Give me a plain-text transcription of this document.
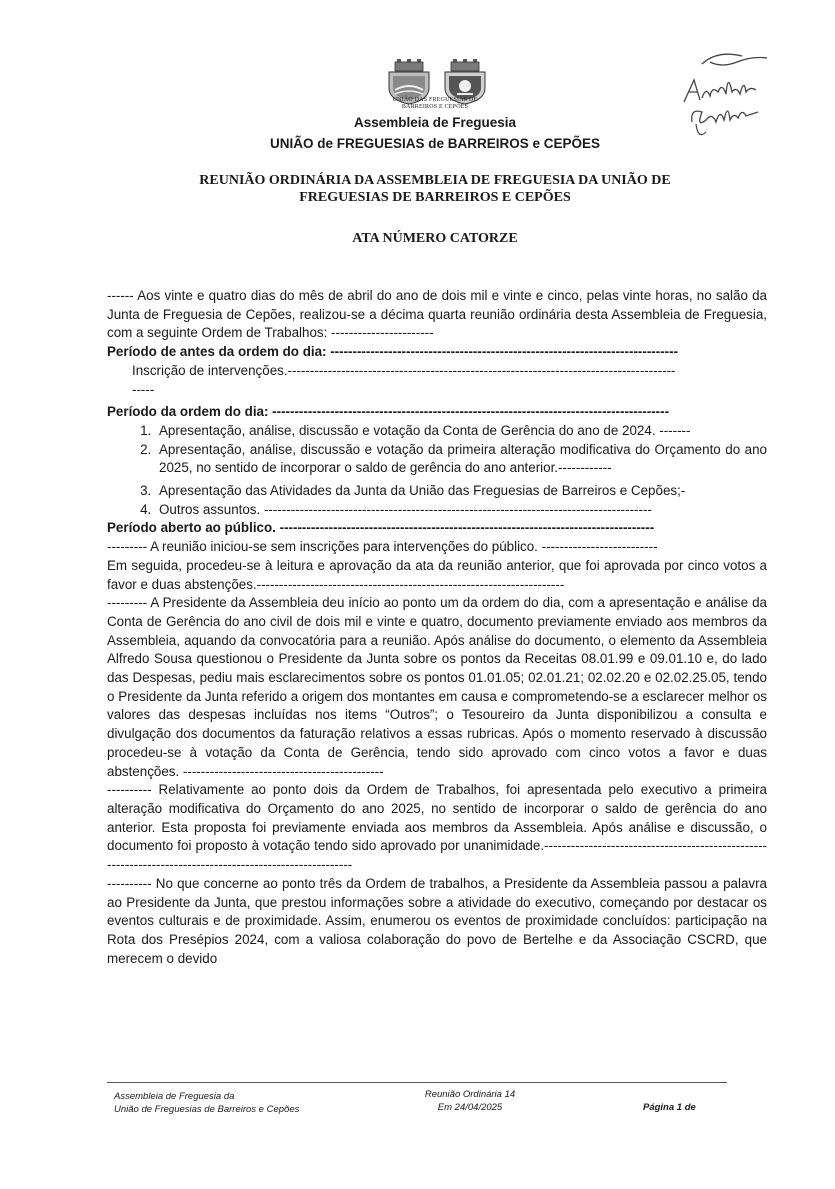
UNIÃO DAS FREGUESIAS DE
BARREIROS E CEPÕES
Assembleia de Freguesia
UNIÃO de FREGUESIAS de BARREIROS e CEPÕES
REUNIÃO ORDINÁRIA DA ASSEMBLEIA DE FREGUESIA DA UNIÃO DE
FREGUESIAS DE BARREIROS E CEPÕES
ATA NÚMERO CATORZE

------ Aos vinte e quatro dias do mês de abril do ano de dois mil e vinte e cinco, pelas vinte horas, no salão da Junta de Freguesia de Cepões, realizou-se a décima quarta reunião ordinária desta Assembleia de Freguesia, com a seguinte Ordem de Trabalhos: -----------------------

Período de antes da ordem do dia: ------------------------------------------------------------------------------

Inscrição de intervenções.---------------------------------------------------------------------------------------

-----

Período da ordem do dia: -----------------------------------------------------------------------------------------

1. Apresentação, análise, discussão e votação da Conta de Gerência do ano de 2024. -------
2. Apresentação, análise, discussão e votação da primeira alteração modificativa do Orçamento do ano 2025, no sentido de incorporar o saldo de gerência do ano anterior.------------
3. Apresentação das Atividades da Junta da União das Freguesias de Barreiros e Cepões;-
4. Outros assuntos. ---------------------------------------------------------------------------------------

Período aberto ao público. ------------------------------------------------------------------------------------

--------- A reunião iniciou-se sem inscrições para intervenções do público. --------------------------

Em seguida, procedeu-se à leitura e aprovação da ata da reunião anterior, que foi aprovada por cinco votos a favor e duas abstenções.---------------------------------------------------------------------

--------- A Presidente da Assembleia deu início ao ponto um da ordem do dia, com a apresentação e análise da Conta de Gerência do ano civil de dois mil e vinte e quatro, documento previamente enviado aos membros da Assembleia, aquando da convocatória para a reunião. Após análise do documento, o elemento da Assembleia Alfredo Sousa questionou o Presidente da Junta sobre os pontos da Receitas 08.01.99 e 09.01.10 e, do lado das Despesas, pediu mais esclarecimentos sobre os pontos 01.01.05; 02.01.21; 02.02.20 e 02.02.25.05, tendo o Presidente da Junta referido a origem dos montantes em causa e comprometendo-se a esclarecer melhor os valores das despesas incluídas nos items “Outros”; o Tesoureiro da Junta disponibilizou a consulta e divulgação dos documentos da faturação relativos a essas rubricas. Após o momento reservado à discussão procedeu-se à votação da Conta de Gerência, tendo sido aprovado com cinco votos a favor e duas abstenções. ---------------------------------------------

---------- Relativamente ao ponto dois da Ordem de Trabalhos, foi apresentada pelo executivo a primeira alteração modificativa do Orçamento do ano 2025, no sentido de incorporar o saldo de gerência do ano anterior. Esta proposta foi previamente enviada aos membros da Assembleia. Após análise e discussão, o documento foi proposto à votação tendo sido aprovado por unanimidade.---------------------------------------------------------------------------------------------------------

---------- No que concerne ao ponto três da Ordem de trabalhos, a Presidente da Assembleia passou a palavra ao Presidente da Junta, que prestou informações sobre a atividade do executivo, começando por destacar os eventos culturais e de proximidade. Assim, enumerou os eventos de proximidade concluídos: participação na Rota dos Presépios 2024, com a valiosa colaboração do povo de Bertelhe e da Associação CSCRD, que merecem o devido

Assembleia de Freguesia da
União de Freguesias de Barreiros e Cepões
Reunião Ordinária 14
Em 24/04/2025	Página 1 de
